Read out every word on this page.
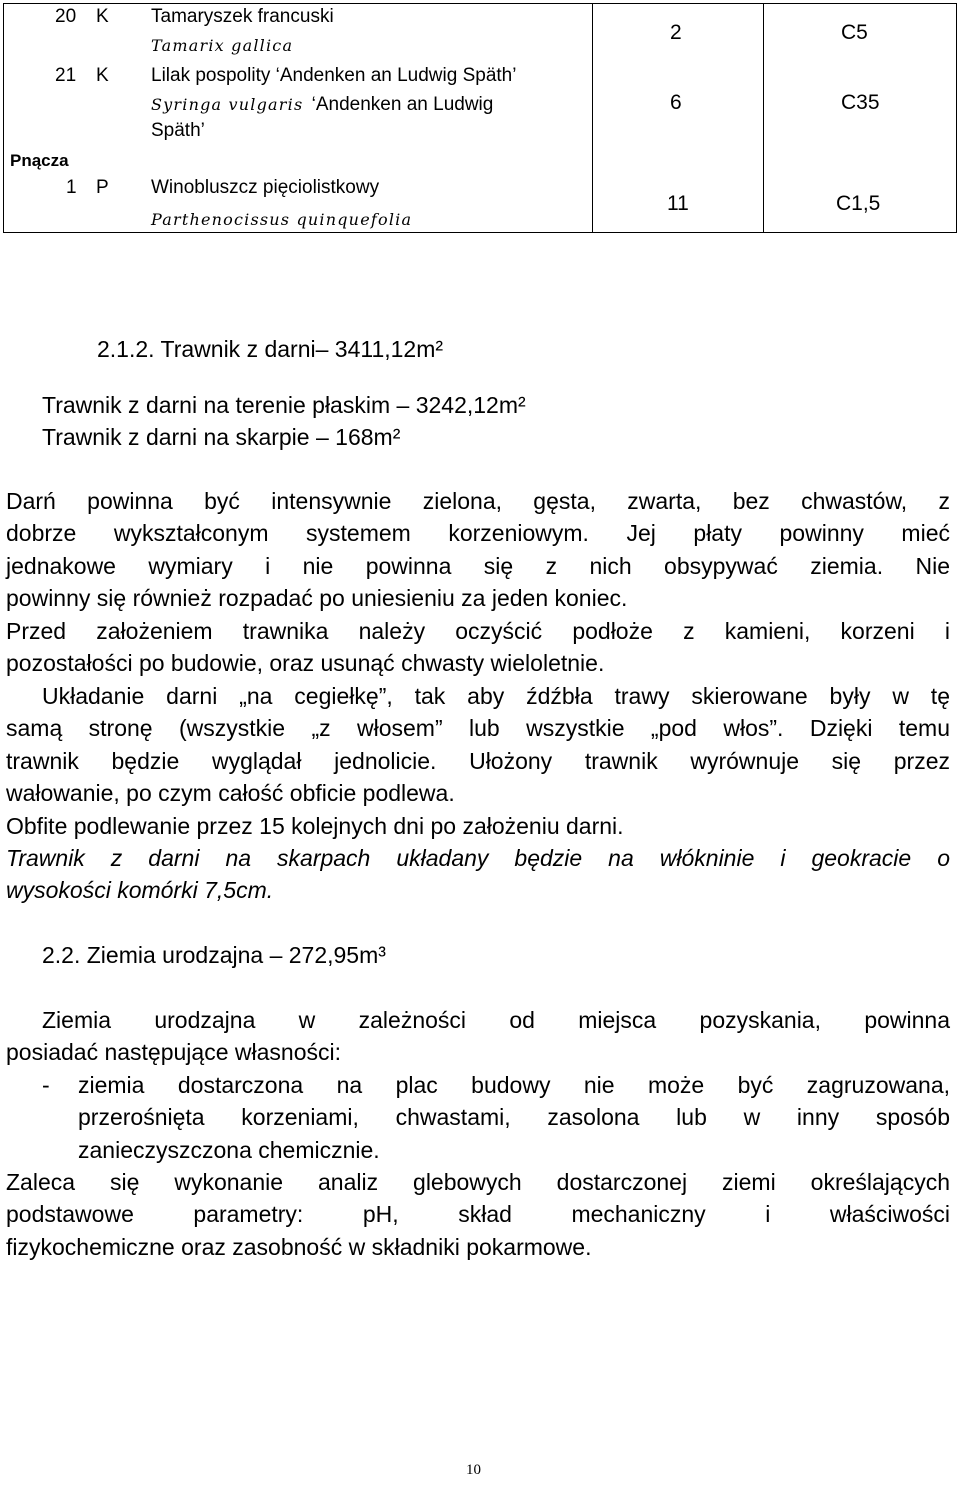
20 K Tamaryszek francuski
Tamarix gallica
2	C5
21 K Lilak pospolity ‘Andenken an Ludwig Späth’
Syringa vulgaris ‘Andenken an Ludwig
Späth’
6	C35
Pnącza
1 P Winobluszcz pięciolistkowy
Parthenocissus quinquefolia
11	C1,5
2.1.2. Trawnik z darni– 3411,12m²
Trawnik z darni na terenie płaskim – 3242,12m²
Trawnik z darni na skarpie – 168m²
Darń powinna być intensywnie zielona, gęsta, zwarta, bez chwastów, z
dobrze wykształconym systemem korzeniowym. Jej płaty powinny mieć
jednakowe wymiary i nie powinna się z nich obsypywać ziemia. Nie
powinny się również rozpadać po uniesieniu za jeden koniec.
Przed założeniem trawnika należy oczyścić podłoże z kamieni, korzeni i
pozostałości po budowie, oraz usunąć chwasty wieloletnie.
Układanie darni „na cegiełkę”, tak aby źdźbła trawy skierowane były w tę
samą stronę (wszystkie „z włosem” lub wszystkie „pod włos”. Dzięki temu
trawnik będzie wyglądał jednolicie. Ułożony trawnik wyrównuje się przez
wałowanie, po czym całość obficie podlewa.
Obfite podlewanie przez 15 kolejnych dni po założeniu darni.
Trawnik z darni na skarpach układany będzie na włókninie i geokracie o
wysokości komórki 7,5cm.
2.2. Ziemia urodzajna – 272,95m³
Ziemia urodzajna w zależności od miejsca pozyskania, powinna
posiadać następujące własności:
- ziemia dostarczona na plac budowy nie może być zagruzowana,
przerośnięta korzeniami, chwastami, zasolona lub w inny sposób
zanieczyszczona chemicznie.
Zaleca się wykonanie analiz glebowych dostarczonej ziemi określających
podstawowe parametry: pH, skład mechaniczny i właściwości
fizykochemiczne oraz zasobność w składniki pokarmowe.
10
